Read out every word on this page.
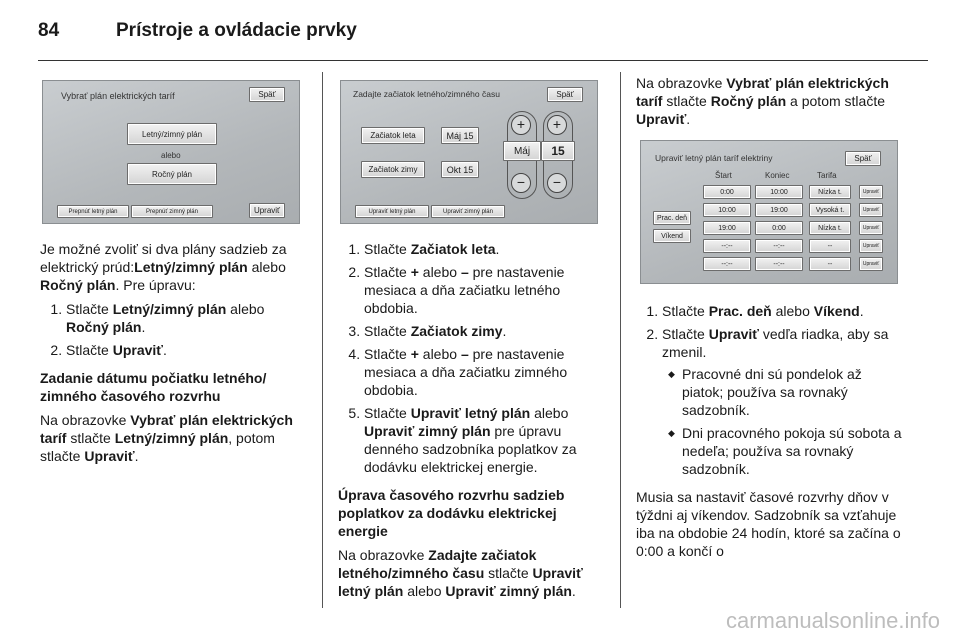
84	Prístroje a ovládacie prvky
Vybrať plán elektrických taríf	Späť
Letný/zimný plán
alebo
Ročný plán
Prepnúť letný plán	Prepnúť zimný plán	Upraviť
Zadajte začiatok letného/zimného času	Späť
Začiatok leta	Máj 15
Začiatok zimy	Okt 15
+	+
Máj	15
−	−
Upraviť letný plán	Upraviť zimný plán
Upraviť letný plán taríf elektriny	Späť
Štart	Koniec	Tarifa
Prac. deň
Víkend
0:00	10:00	Nízka t.	Upraviť
10:00	19:00	Vysoká t.	Upraviť
19:00	0:00	Nízka t.	Upraviť
--:--	--:--	--	Upraviť
--:--	--:--	--	Upraviť

Je možné zvoliť si dva plány sadzieb za elektrický prúd:Letný/zimný plán alebo Ročný plán. Pre úpravu:

1. Stlačte Letný/zimný plán alebo Ročný plán.
2. Stlačte Upraviť.

Zadanie dátumu počiatku letného/ zimného časového rozvrhu

Na obrazovke Vybrať plán elektrických taríf stlačte Letný/zimný plán, potom stlačte Upraviť.

1. Stlačte Začiatok leta.
2. Stlačte + alebo – pre nastavenie mesiaca a dňa začiatku letného obdobia.
3. Stlačte Začiatok zimy.
4. Stlačte + alebo – pre nastavenie mesiaca a dňa začiatku zimného obdobia.
5. Stlačte Upraviť letný plán alebo Upraviť zimný plán pre úpravu denného sadzobníka poplatkov za dodávku elektrickej energie.

Úprava časového rozvrhu sadzieb poplatkov za dodávku elektrickej energie

Na obrazovke Zadajte začiatok letného/zimného času stlačte Upraviť letný plán alebo Upraviť zimný plán.

Na obrazovke Vybrať plán elektrických taríf stlačte Ročný plán a potom stlačte Upraviť.

1. Stlačte Prac. deň alebo Víkend.
2. Stlačte Upraviť vedľa riadka, aby sa zmenil.
◆ Pracovné dni sú pondelok až piatok; používa sa rovnaký sadzobník.
◆ Dni pracovného pokoja sú sobota a nedeľa; používa sa rovnaký sadzobník.

Musia sa nastaviť časové rozvrhy dňov v týždni aj víkendov. Sadzobník sa vzťahuje iba na obdobie 24 hodín, ktoré sa začína o 0:00 a končí o

carmanualsonline.info
